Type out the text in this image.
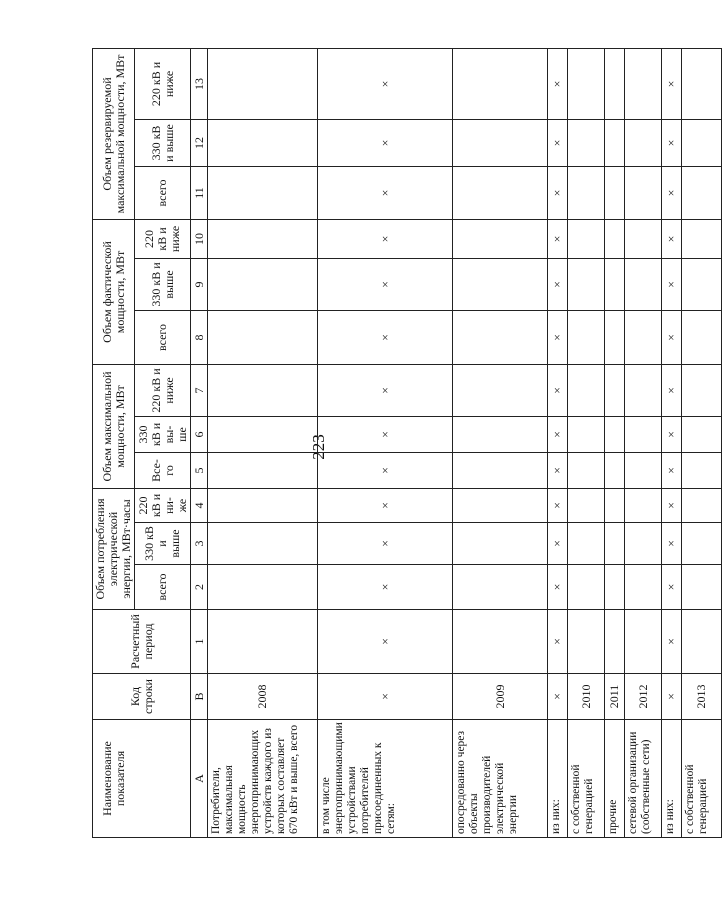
223
Наименование показателя	Код строки	Расчетный период	Объем потребления электрической энергии, МВт·часы			Объем максимальной мощности, МВт			Объем фактической мощности, МВт			Объем резервируемой максимальной мощности, МВт		
			всего	330 кВ и выше	220 кВ и ни-же	Все-го	330 кВ и вы-ше	220 кВ и ниже	всего	330 кВ и выше	220 кВ и ниже	всего	330 кВ и выше	220 кВ и ниже
А	В	1	2	3	4	5	6	7	8	9	10	11	12	13
Потребители, максимальная мощность энергопринимающих устройств каждого из которых составляет 670 кВт и выше, всего	2008													
в том числе энергопринимающими устройствами потребителей присоединенных к сетям:	×	×	×	×	×	×	×	×	×	×	×	×	×	×
опосредованно через объекты производителей электрической энергии	2009													
из них:	×	×	×	×	×	×	×	×	×	×	×	×	×	×
с собственной генерацией	2010													
прочие	2011													
сетевой организации (собственные сети)	2012													
из них:	×	×	×	×	×	×	×	×	×	×	×	×	×	×
с собственной генерацией	2013													
